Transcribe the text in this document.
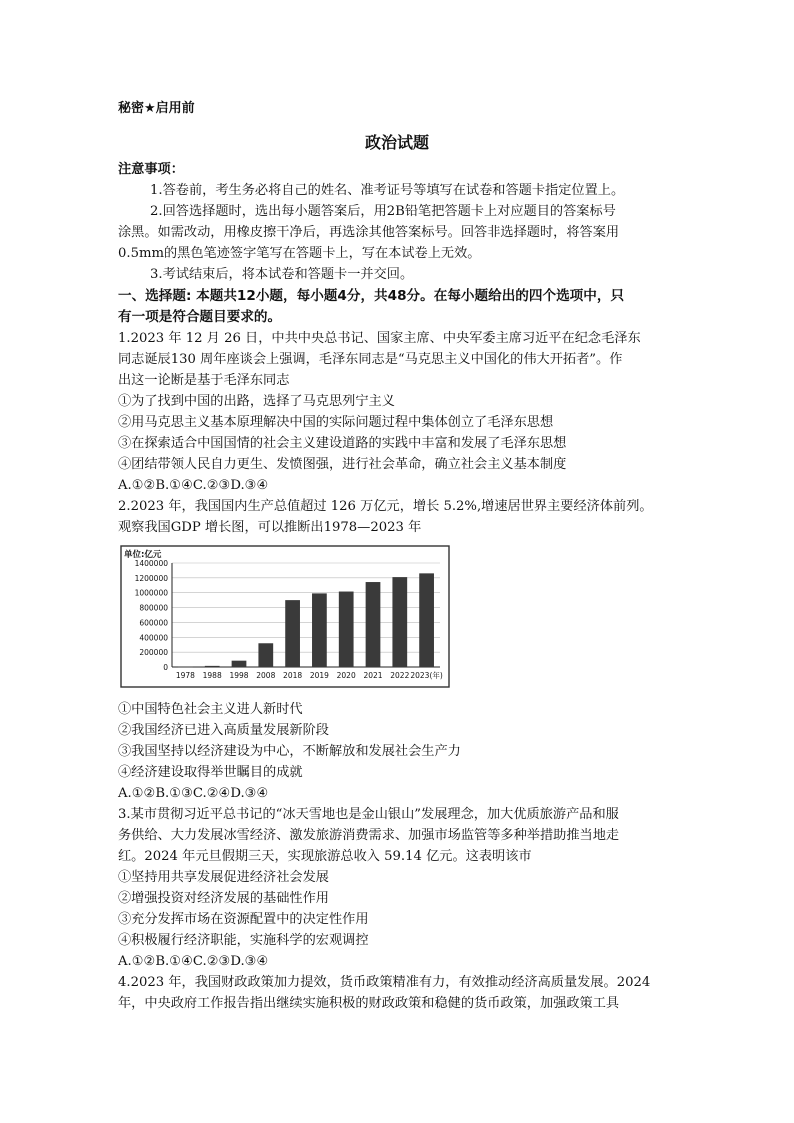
秘密★启用前
政治试题
注意事项：
1.答卷前，考生务必将自己的姓名、准考证号等填写在试卷和答题卡指定位置上。
2.回答选择题时，选出每小题答案后，用2B铅笔把答题卡上对应题目的答案标号
涂黑。如需改动，用橡皮擦干净后，再选涂其他答案标号。回答非选择题时，将答案用
0.5mm的黑色笔迹签字笔写在答题卡上，写在本试卷上无效。
3.考试结束后，将本试卷和答题卡一并交回。
一、选择题: 本题共12小题，每小题4分，共48分。在每小题给出的四个选项中，只
有一项是符合题目要求的。
1.2023 年 12 月 26 日，中共中央总书记、国家主席、中央军委主席习近平在纪念毛泽东
同志诞辰130 周年座谈会上强调，毛泽东同志是“马克思主义中国化的伟大开拓者”。作
出这一论断是基于毛泽东同志
①为了找到中国的出路，选择了马克思列宁主义
②用马克思主义基本原理解决中国的实际问题过程中集体创立了毛泽东思想
③在探索适合中国国情的社会主义建设道路的实践中丰富和发展了毛泽东思想
④团结带领人民自力更生、发愤图强，进行社会革命，确立社会主义基本制度
A.①②B.①④C.②③D.③④
2.2023 年，我国国内生产总值超过 126 万亿元，增长 5.2%,增速居世界主要经济体前列。
观察我国GDP 增长图，可以推断出1978—2023 年
单位:亿元
0
200000
400000
600000
800000
1000000
1200000
1400000
1978 1988 1998 2008 2018 2019 2020 2021 2022 2023(年)
①中国特色社会主义进人新时代
②我国经济已进入高质量发展新阶段
③我国坚持以经济建设为中心，不断解放和发展社会生产力
④经济建设取得举世瞩目的成就
A.①②B.①③C.②④D.③④
3.某市贯彻习近平总书记的“冰天雪地也是金山银山”发展理念，加大优质旅游产品和服
务供给、大力发展冰雪经济、激发旅游消费需求、加强市场监管等多种举措助推当地走
红。2024 年元旦假期三天，实现旅游总收入 59.14 亿元。这表明该市
①坚持用共享发展促进经济社会发展
②增强投资对经济发展的基础性作用
③充分发挥市场在资源配置中的决定性作用
④积极履行经济职能，实施科学的宏观调控
A.①②B.①④C.②③D.③④
4.2023 年，我国财政政策加力提效，货币政策精准有力，有效推动经济高质量发展。2024
年，中央政府工作报告指出继续实施积极的财政政策和稳健的货币政策，加强政策工具
